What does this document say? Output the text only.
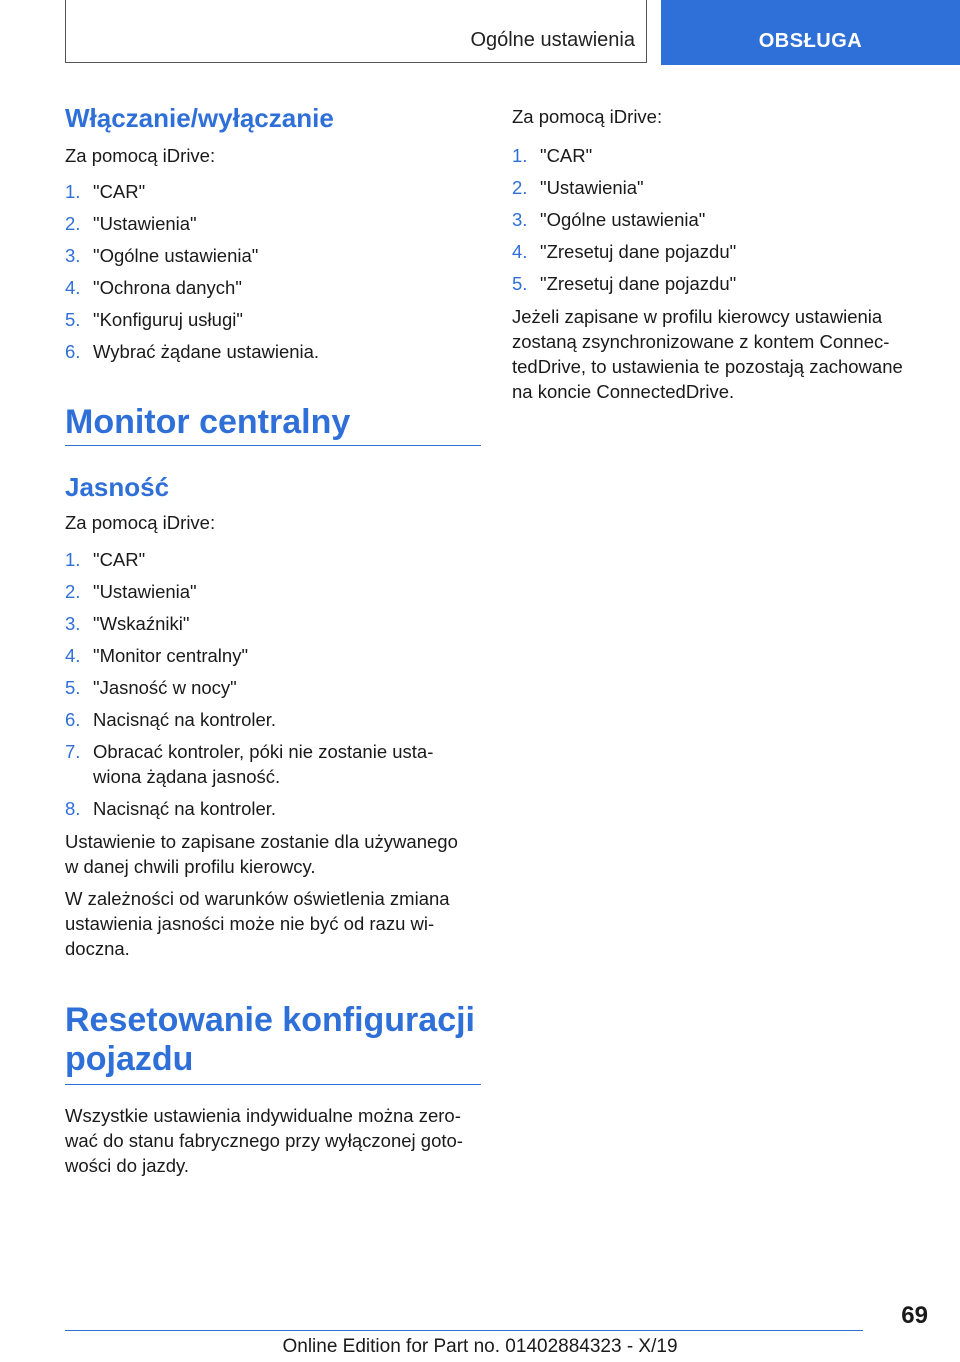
Ogólne ustawienia	OBSŁUGA
Włączanie/wyłączanie

Za pomocą iDrive:

1. "CAR"
2. "Ustawienia"
3. "Ogólne ustawienia"
4. "Ochrona danych"
5. "Konfiguruj usługi"
6. Wybrać żądane ustawienia.
Monitor centralny
Jasność

Za pomocą iDrive:

1. "CAR"
2. "Ustawienia"
3. "Wskaźniki"
4. "Monitor centralny"
5. "Jasność w nocy"
6. Nacisnąć na kontroler.
7. Obracać kontroler, póki nie zostanie usta-
wiona żądana jasność.
8. Nacisnąć na kontroler.

Ustawienie to zapisane zostanie dla używanego
w danej chwili profilu kierowcy.

W zależności od warunków oświetlenia zmiana
ustawienia jasności może nie być od razu wi-
doczna.

Resetowanie konfiguracji
pojazdu

Wszystkie ustawienia indywidualne można zero-
wać do stanu fabrycznego przy wyłączonej goto-
wości do jazdy.

Za pomocą iDrive:

1. "CAR"
2. "Ustawienia"
3. "Ogólne ustawienia"
4. "Zresetuj dane pojazdu"
5. "Zresetuj dane pojazdu"

Jeżeli zapisane w profilu kierowcy ustawienia
zostaną zsynchronizowane z kontem Connec-
tedDrive, to ustawienia te pozostają zachowane
na koncie ConnectedDrive.

69
Online Edition for Part no. 01402884323 - X/19
